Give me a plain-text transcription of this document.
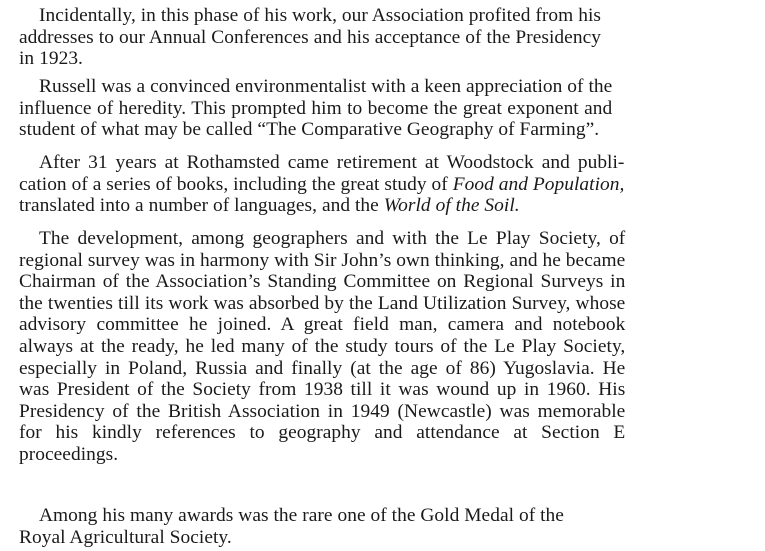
Incidentally, in this phase of his work, our Association profited from his
addresses to our Annual Conferences and his acceptance of the Presidency
in 1923.
Russell was a convinced environmentalist with a keen appreciation of the
influence of heredity. This prompted him to become the great exponent and
student of what may be called “The Comparative Geography of Farming”.
After 31 years at Rothamsted came retirement at Woodstock and publi-
cation of a series of books, including the great study of Food and Population,
translated into a number of languages, and the World of the Soil.
The development, among geographers and with the Le Play Society, of
regional survey was in harmony with Sir John’s own thinking, and he became
Chairman of the Association’s Standing Committee on Regional Surveys in
the twenties till its work was absorbed by the Land Utilization Survey, whose
advisory committee he joined. A great field man, camera and notebook
always at the ready, he led many of the study tours of the Le Play Society,
especially in Poland, Russia and finally (at the age of 86) Yugoslavia. He
was President of the Society from 1938 till it was wound up in 1960. His
Presidency of the British Association in 1949 (Newcastle) was memorable
for his kindly references to geography and attendance at Section E
proceedings.
Among his many awards was the rare one of the Gold Medal of the
Royal Agricultural Society.
